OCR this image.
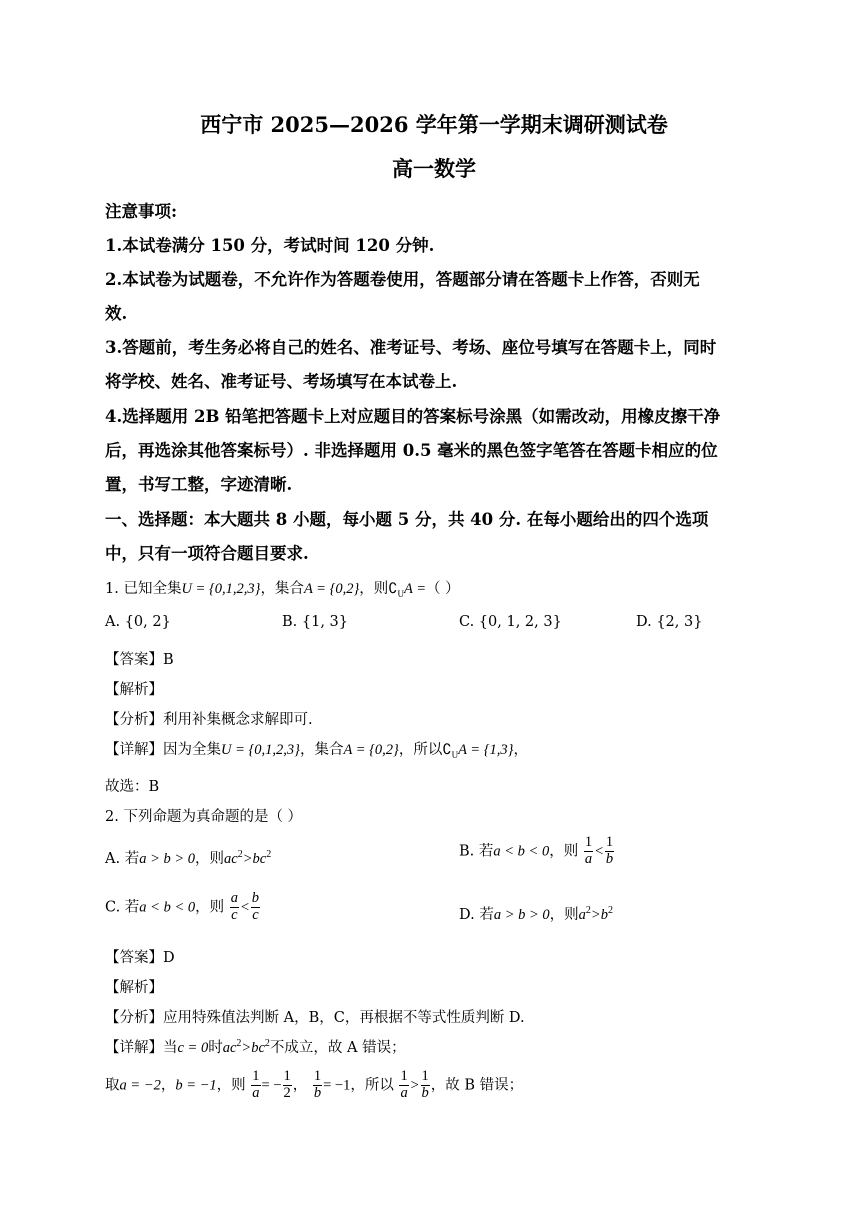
西宁市 2025—2026 学年第一学期末调研测试卷
高一数学
注意事项:
1.本试卷满分 150 分，考试时间 120 分钟.
2.本试卷为试题卷，不允许作为答题卷使用，答题部分请在答题卡上作答，否则无
效.
3.答题前，考生务必将自己的姓名、准考证号、考场、座位号填写在答题卡上，同时
将学校、姓名、准考证号、考场填写在本试卷上.
4.选择题用 2B 铅笔把答题卡上对应题目的答案标号涂黑（如需改动，用橡皮擦干净
后，再选涂其他答案标号）. 非选择题用 0.5 毫米的黑色签字笔答在答题卡相应的位
置，书写工整，字迹清晰.
一、选择题：本大题共 8 小题，每小题 5 分，共 40 分. 在每小题给出的四个选项
中，只有一项符合题目要求.
1. 已知全集U = {0,1,2,3}，集合A = {0,2}，则$∁_UA$ =（ ）
A. {0, 2}	B. {1, 3}	C. {0, 1, 2, 3}	D. {2, 3}
【答案】B
【解析】
【分析】利用补集概念求解即可.
【详解】因为全集U = {0,1,2,3}，集合A = {0,2}，所以$∁_UA = \{1,3\}$，
故选：B
2. 下列命题为真命题的是（ ）
A. 若a > b > 0，则$ac^2>bc^2$	B. 若a < b < 0，则 $\frac{1}{a} < \frac{1}{b}$
C. 若a < b < 0，则 $\frac{a}{c} < \frac{b}{c}$	D. 若a > b > 0，则$a^2>b^2$
【答案】D
【解析】
【分析】应用特殊值法判断 A，B，C，再根据不等式性质判断 D.
【详解】当c = 0时$ac^2>bc^2$不成立，故 A 错误；
取a = −2，b = −1，则 $\frac{1}{a}$ = − $\frac{1}{2}$ ， $\frac{1}{b} = -1$，所以 $\frac{1}{a} > \frac{1}{b}$ ，故 B 错误；
